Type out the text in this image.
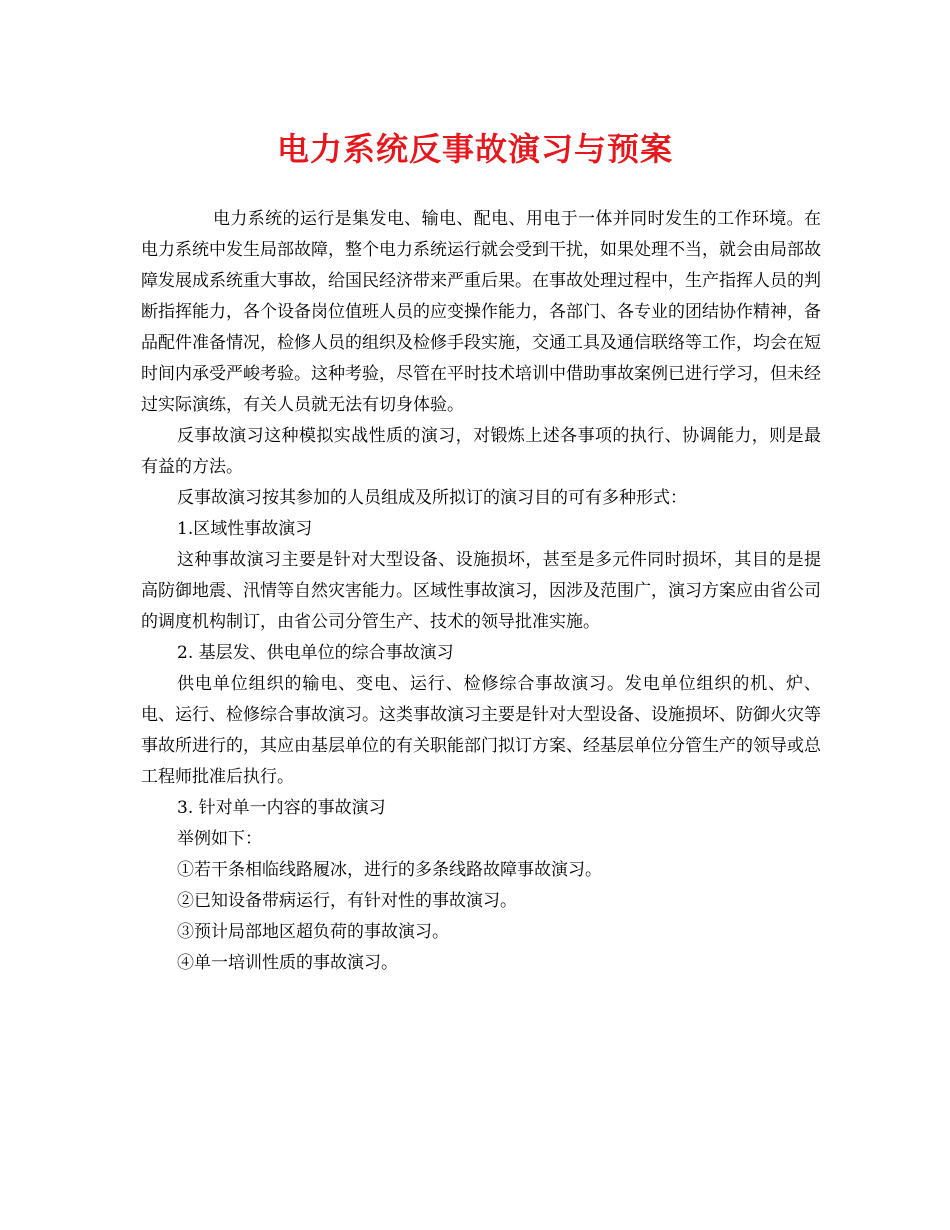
电力系统反事故演习与预案

电力系统的运行是集发电、输电、配电、用电于一体并同时发生的工作环境。在电力系统中发生局部故障，整个电力系统运行就会受到干扰，如果处理不当，就会由局部故障发展成系统重大事故，给国民经济带来严重后果。在事故处理过程中，生产指挥人员的判断指挥能力，各个设备岗位值班人员的应变操作能力，各部门、各专业的团结协作精神，备品配件准备情况，检修人员的组织及检修手段实施，交通工具及通信联络等工作，均会在短时间内承受严峻考验。这种考验，尽管在平时技术培训中借助事故案例已进行学习，但未经过实际演练，有关人员就无法有切身体验。

反事故演习这种模拟实战性质的演习，对锻炼上述各事项的执行、协调能力，则是最有益的方法。

反事故演习按其参加的人员组成及所拟订的演习目的可有多种形式：

1.区域性事故演习

这种事故演习主要是针对大型设备、设施损坏，甚至是多元件同时损坏，其目的是提高防御地震、汛情等自然灾害能力。区域性事故演习，因涉及范围广，演习方案应由省公司的调度机构制订，由省公司分管生产、技术的领导批准实施。

2. 基层发、供电单位的综合事故演习

供电单位组织的输电、变电、运行、检修综合事故演习。发电单位组织的机、炉、电、运行、检修综合事故演习。这类事故演习主要是针对大型设备、设施损坏、防御火灾等事故所进行的，其应由基层单位的有关职能部门拟订方案、经基层单位分管生产的领导或总工程师批准后执行。

3. 针对单一内容的事故演习

举例如下：

①若干条相临线路履冰，进行的多条线路故障事故演习。

②已知设备带病运行，有针对性的事故演习。

③预计局部地区超负荷的事故演习。

④单一培训性质的事故演习。
